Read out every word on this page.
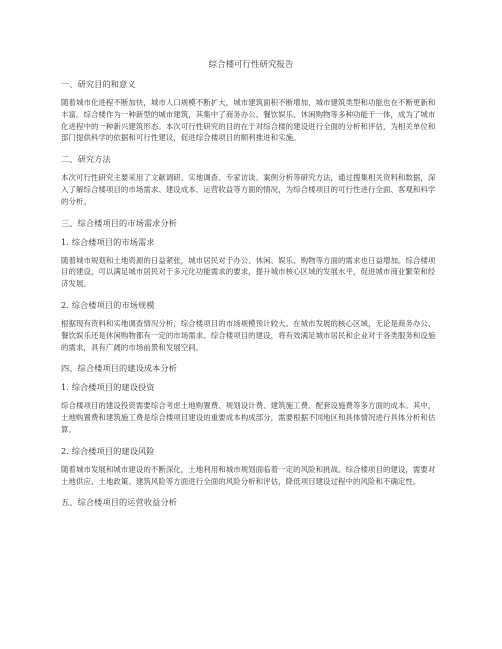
综合楼可行性研究报告
一、研究目的和意义
随着城市化进程不断加快，城市人口规模不断扩大，城市建筑面积不断增加，城市建筑类型和功能也在不断更新和丰富。综合楼作为一种新型的城市建筑，其集中了商务办公、餐饮娱乐、休闲购物等多种功能于一体，成为了城市化进程中的一种新兴建筑形态。本次可行性研究的目的在于对综合楼的建设进行全面的分析和评估，为相关单位和部门提供科学的依据和可行性建议，促进综合楼项目的顺利推进和实施。
二、研究方法
本次可行性研究主要采用了文献调研、实地调查、专家访谈、案例分析等研究方法，通过搜集相关资料和数据，深入了解综合楼项目的市场需求、建设成本、运营收益等方面的情况，为综合楼项目的可行性进行全面、客观和科学的分析。
三、综合楼项目的市场需求分析
1. 综合楼项目的市场需求
随着城市规划和土地资源的日益紧张，城市居民对于办公、休闲、娱乐、购物等方面的需求也日益增加。综合楼项目的建设，可以满足城市居民对于多元化功能需求的要求，提升城市核心区域的发展水平，促进城市商业繁荣和经济发展。
2. 综合楼项目的市场规模
根据现有资料和实地调查情况分析，综合楼项目的市场规模预计较大。在城市发展的核心区域，无论是商务办公、餐饮娱乐还是休闲购物都有一定的市场需求。综合楼项目的建设，将有效满足城市居民和企业对于各类服务和设施的需求，具有广阔的市场前景和发展空间。
四、综合楼项目的建设成本分析
1. 综合楼项目的建设投资
综合楼项目的建设投资需要综合考虑土地购置费、规划设计费、建筑施工费、配套设施费等多方面的成本。其中，土地购置费和建筑施工费是综合楼项目建设的重要成本构成部分，需要根据不同地区和具体情况进行具体分析和估算。
2. 综合楼项目的建设风险
随着城市发展和城市建设的不断深化，土地利用和城市规划面临着一定的风险和挑战。综合楼项目的建设，需要对土地供应、土地政策、建筑风险等方面进行全面的风险分析和评估，降低项目建设过程中的风险和不确定性。
五、综合楼项目的运营收益分析
